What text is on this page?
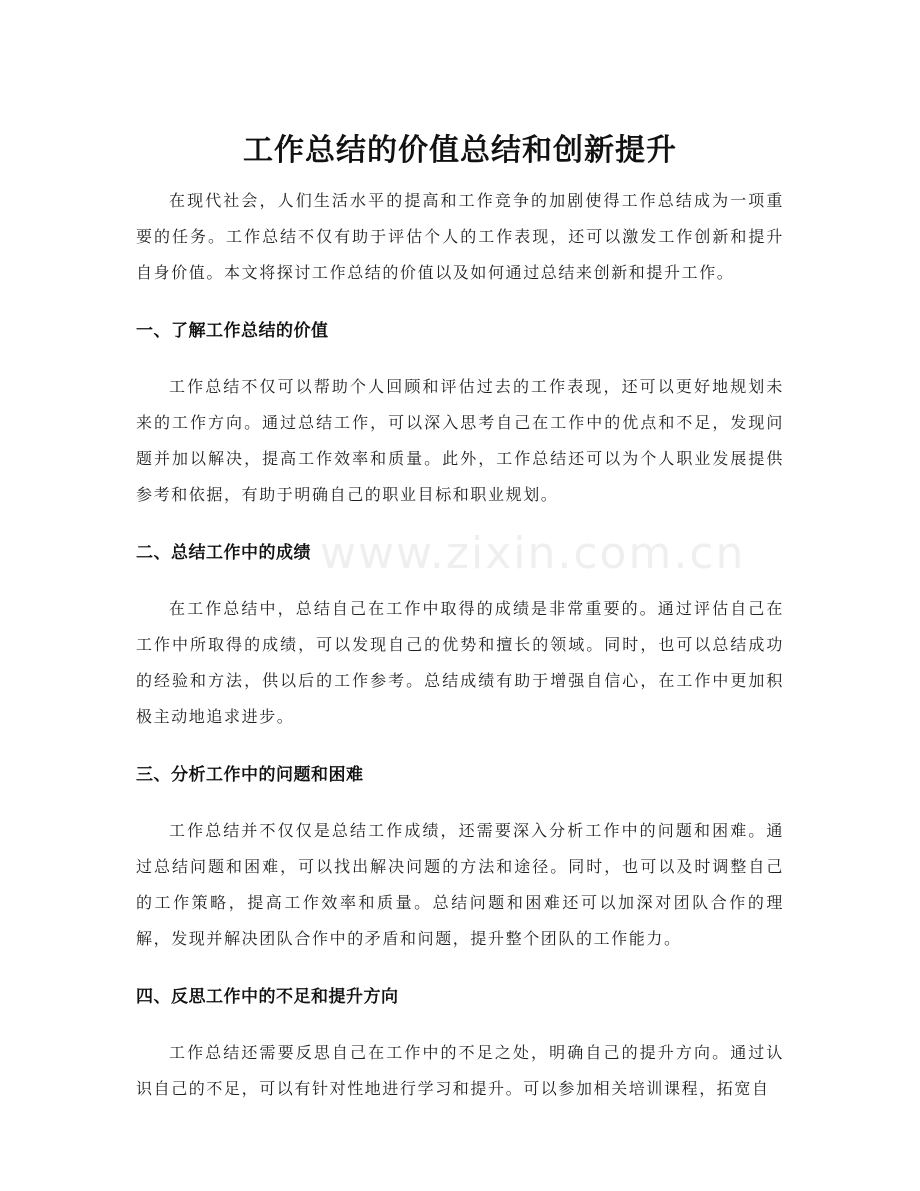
www.zixin.com.cn
工作总结的价值总结和创新提升

在现代社会，人们生活水平的提高和工作竞争的加剧使得工作总结成为一项重要的任务。工作总结不仅有助于评估个人的工作表现，还可以激发工作创新和提升自身价值。本文将探讨工作总结的价值以及如何通过总结来创新和提升工作。

一、了解工作总结的价值

工作总结不仅可以帮助个人回顾和评估过去的工作表现，还可以更好地规划未来的工作方向。通过总结工作，可以深入思考自己在工作中的优点和不足，发现问题并加以解决，提高工作效率和质量。此外，工作总结还可以为个人职业发展提供参考和依据，有助于明确自己的职业目标和职业规划。

二、总结工作中的成绩

在工作总结中，总结自己在工作中取得的成绩是非常重要的。通过评估自己在工作中所取得的成绩，可以发现自己的优势和擅长的领域。同时，也可以总结成功的经验和方法，供以后的工作参考。总结成绩有助于增强自信心，在工作中更加积极主动地追求进步。

三、分析工作中的问题和困难

工作总结并不仅仅是总结工作成绩，还需要深入分析工作中的问题和困难。通过总结问题和困难，可以找出解决问题的方法和途径。同时，也可以及时调整自己的工作策略，提高工作效率和质量。总结问题和困难还可以加深对团队合作的理解，发现并解决团队合作中的矛盾和问题，提升整个团队的工作能力。

四、反思工作中的不足和提升方向

工作总结还需要反思自己在工作中的不足之处，明确自己的提升方向。通过认识自己的不足，可以有针对性地进行学习和提升。可以参加相关培训课程，拓宽自
